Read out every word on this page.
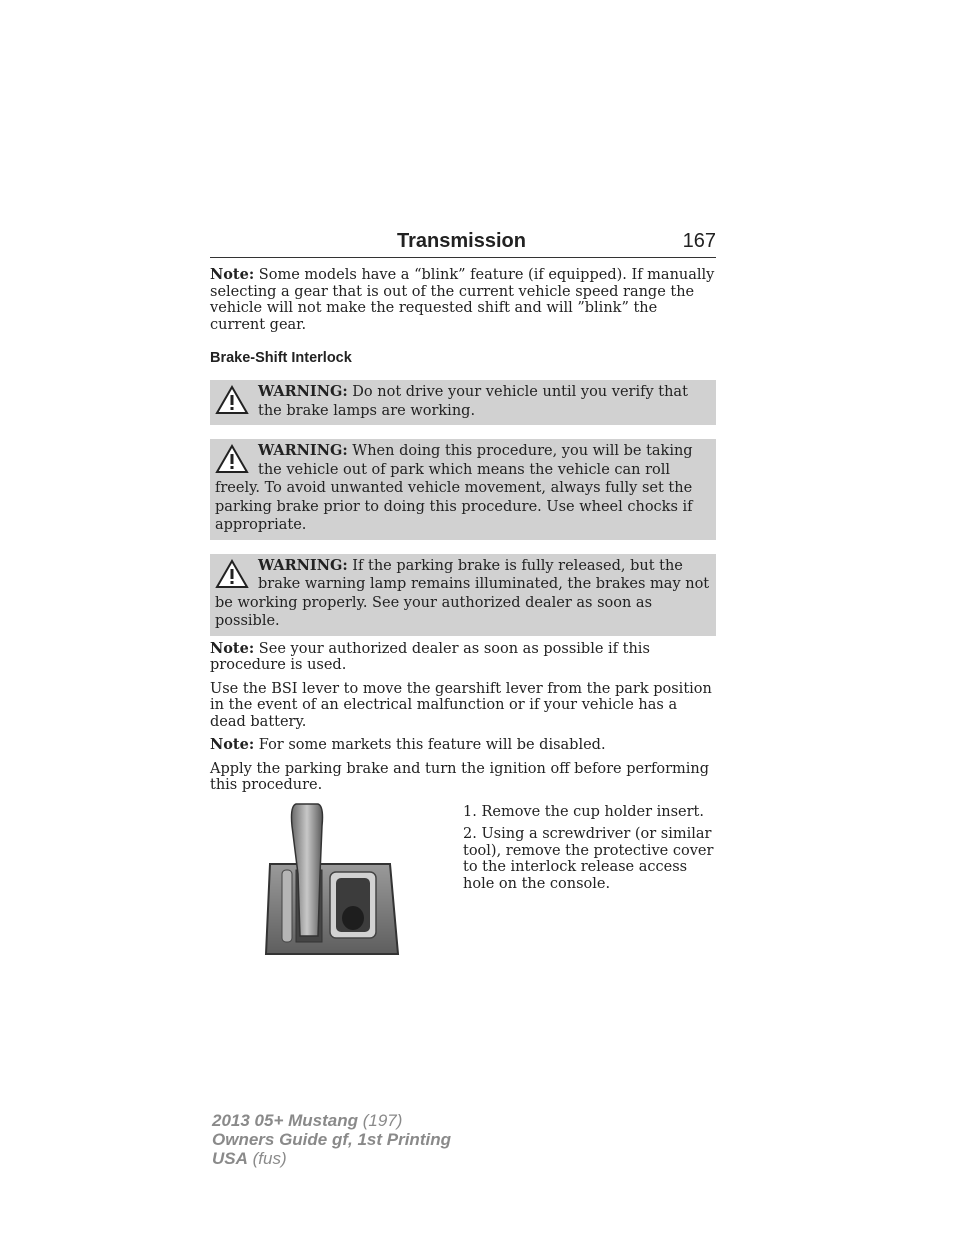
Transmission	167

Note: Some models have a “blink” feature (if equipped). If manually selecting a gear that is out of the current vehicle speed range the vehicle will not make the requested shift and will ”blink” the current gear.

Brake-Shift Interlock
WARNING: Do not drive your vehicle until you verify that the brake lamps are working.
WARNING: When doing this procedure, you will be taking the vehicle out of park which means the vehicle can roll freely. To avoid unwanted vehicle movement, always fully set the parking brake prior to doing this procedure. Use wheel chocks if appropriate.
WARNING: If the parking brake is fully released, but the brake warning lamp remains illuminated, the brakes may not be working properly. See your authorized dealer as soon as possible.

Note: See your authorized dealer as soon as possible if this procedure is used.

Use the BSI lever to move the gearshift lever from the park position in the event of an electrical malfunction or if your vehicle has a dead battery.

Note: For some markets this feature will be disabled.

Apply the parking brake and turn the ignition off before performing this procedure.

1. Remove the cup holder insert.

2. Using a screwdriver (or similar tool), remove the protective cover to the interlock release access hole on the console.

2013 05+ Mustang (197)
Owners Guide gf, 1st Printing
USA (fus)
